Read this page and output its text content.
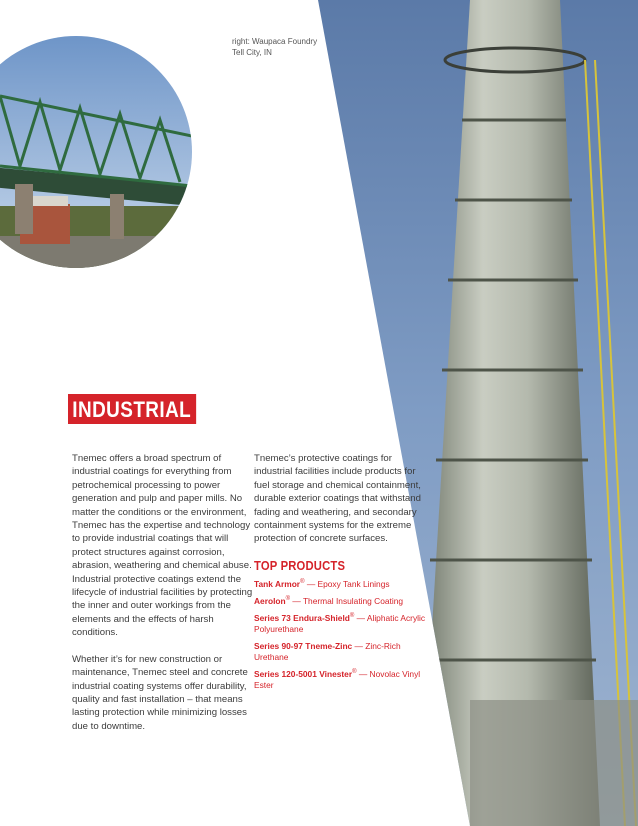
right: Waupaca Foundry
Tell City, IN
INDUSTRIAL

Tnemec offers a broad spectrum of industrial coatings for everything from petrochemical processing to power generation and pulp and paper mills. No matter the conditions or the environment, Tnemec has the expertise and technology to provide industrial coatings that will protect structures against corrosion, abrasion, weathering and chemical abuse. Industrial protective coatings extend the lifecycle of industrial facilities by protecting the inner and outer workings from the elements and the effects of harsh conditions.

Whether it’s for new construction or maintenance, Tnemec steel and concrete industrial coating systems offer durability, quality and fast installation – that means lasting protection while minimizing losses due to downtime.

Tnemec’s protective coatings for industrial facilities include products for fuel storage and chemical containment, durable exterior coatings that withstand fading and weathering, and secondary containment systems for the extreme protection of concrete surfaces.

TOP PRODUCTS
Tank Armor® — Epoxy Tank Linings
Aerolon® — Thermal Insulating Coating
Series 73 Endura-Shield® — Aliphatic Acrylic Polyurethane
Series 90-97 Tneme-Zinc — Zinc-Rich Urethane
Series 120-5001 Vinester® — Novolac Vinyl Ester
